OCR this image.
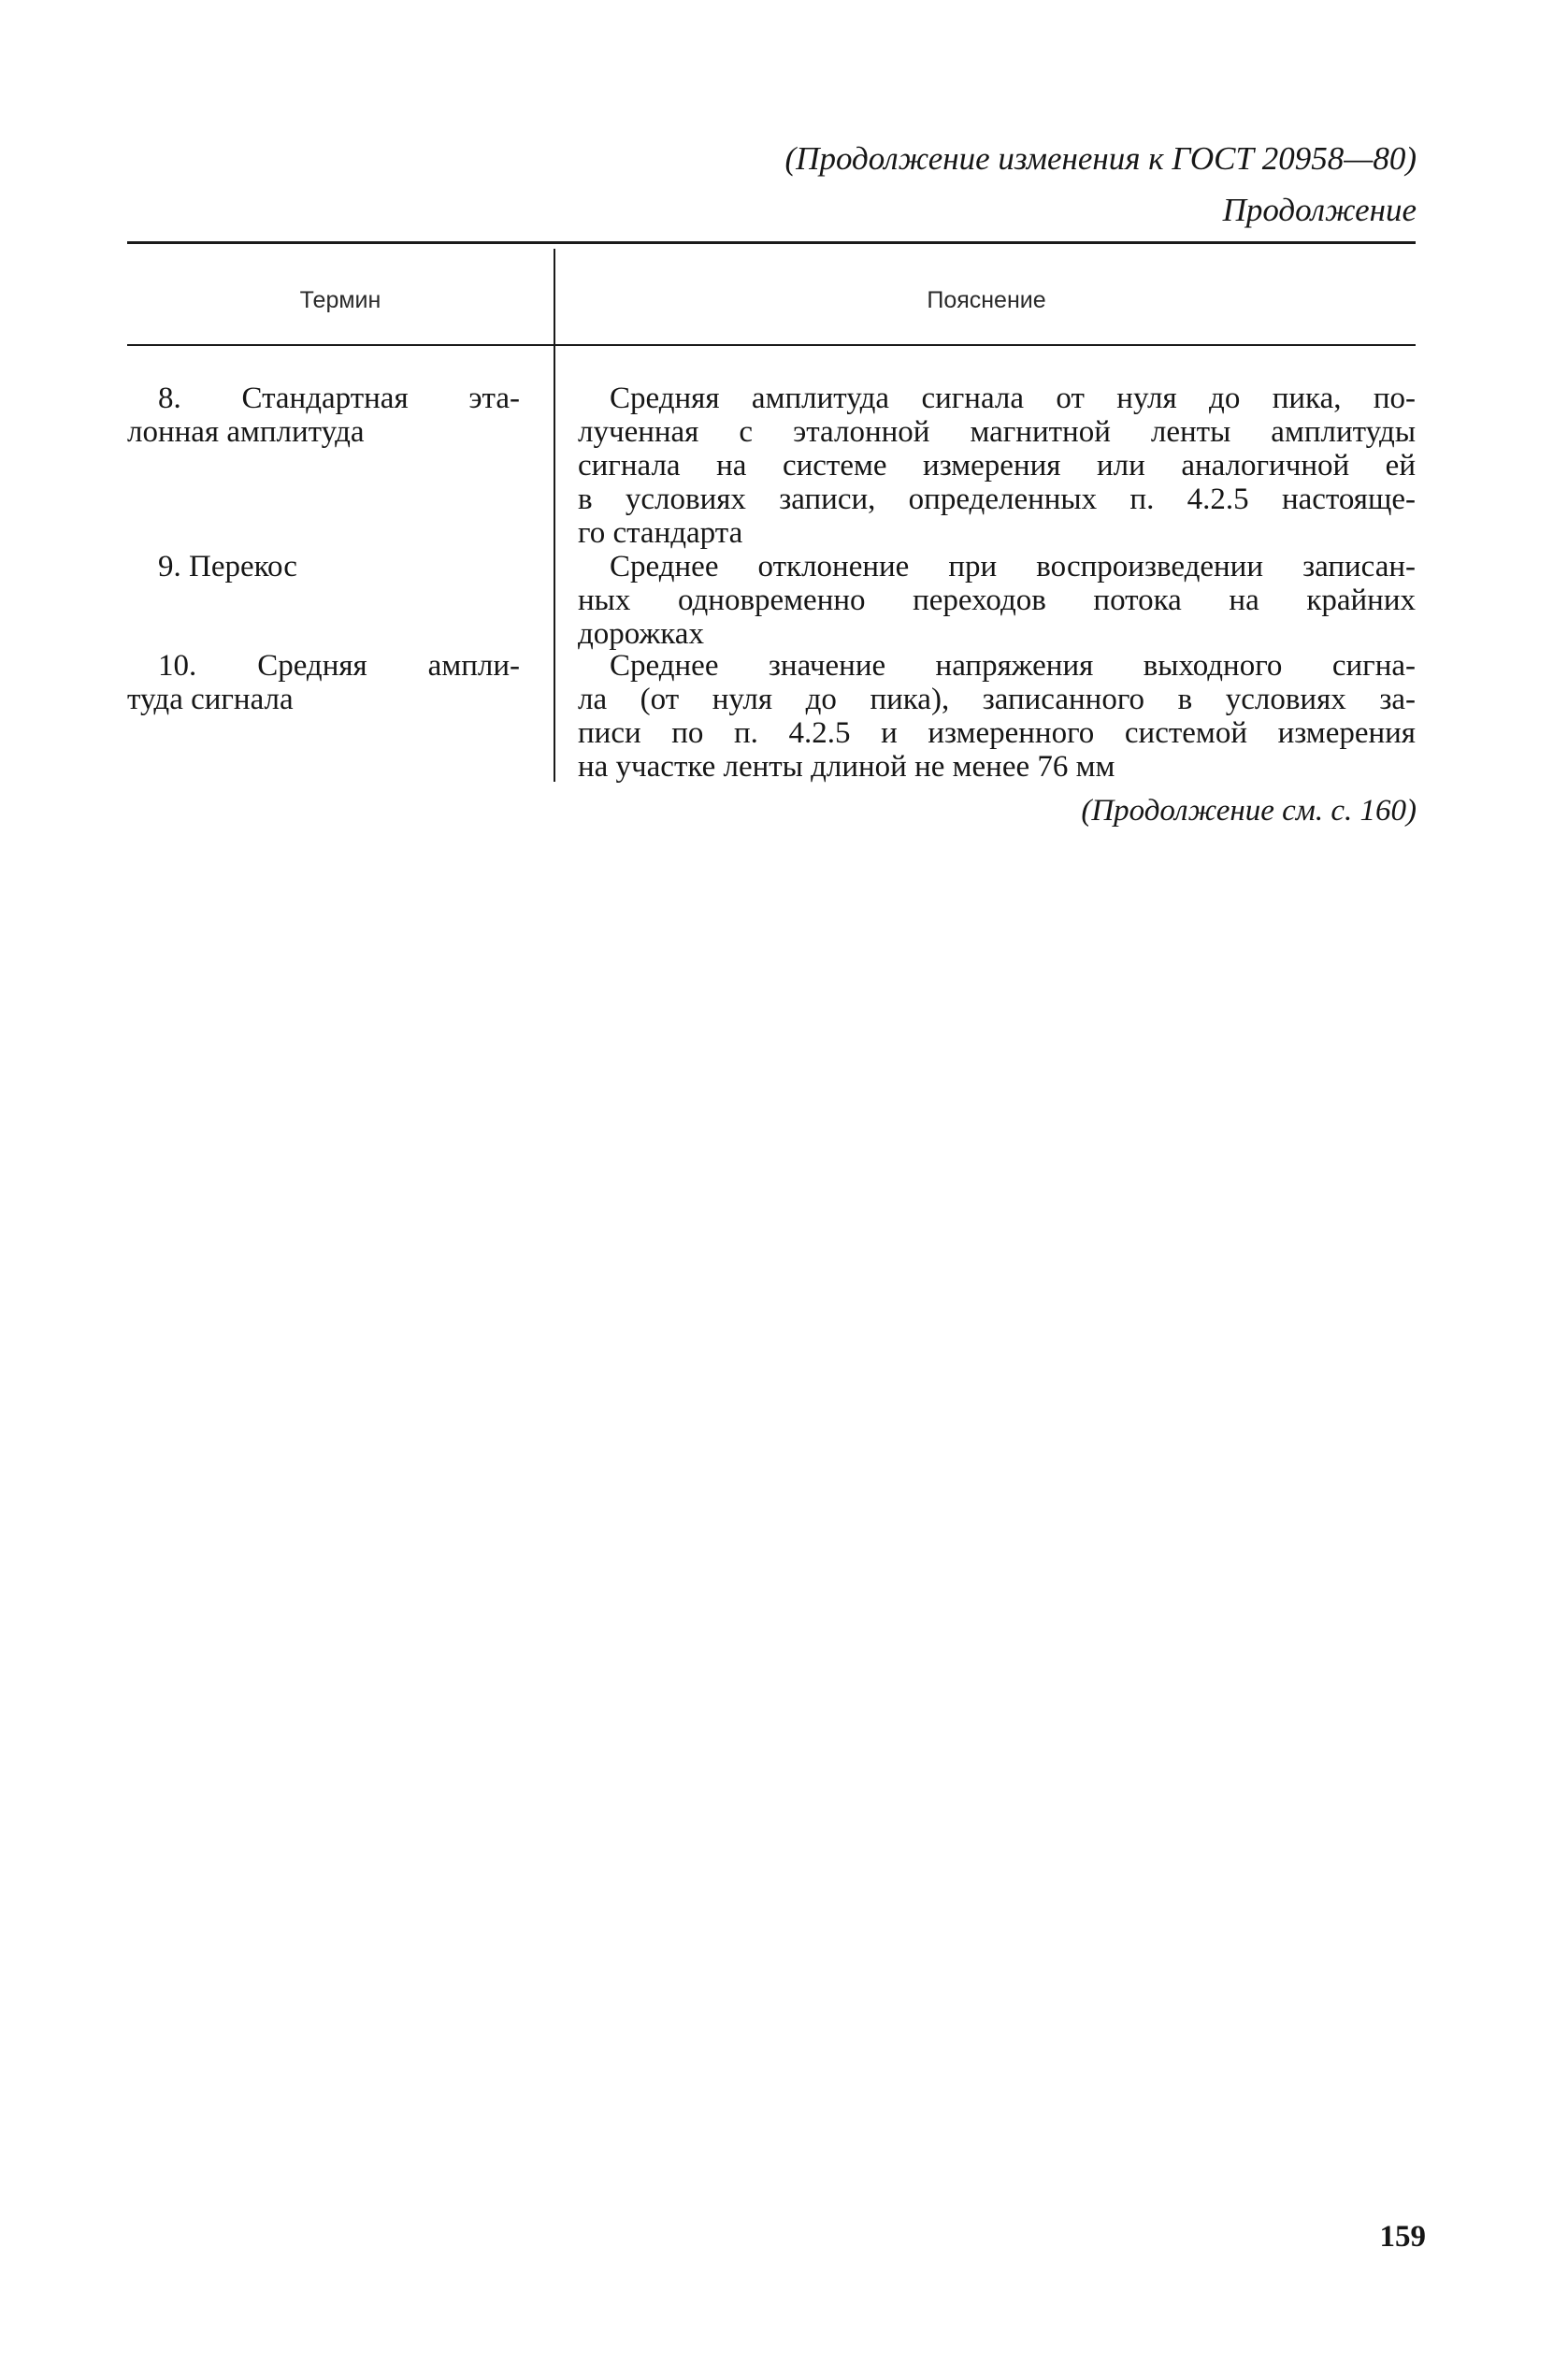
(Продолжение изменения к ГОСТ 20958—80)
Продолжение
Термин	Пояснение
8. Стандартная эта-
лонная амплитуда
Средняя амплитуда сигнала от нуля до пика, по-
лученная с эталонной магнитной ленты амплитуды
сигнала на системе измерения или аналогичной ей
в условиях записи, определенных п. 4.2.5 настояще-
го стандарта
9. Перекос	Среднее отклонение при воспроизведении записан-
ных одновременно переходов потока на крайних
дорожках
10. Средняя ампли-
туда сигнала
Среднее значение напряжения выходного сигна-
ла (от нуля до пика), записанного в условиях за-
писи по п. 4.2.5 и измеренного системой измерения
на участке ленты длиной не менее 76 мм
(Продолжение см. с. 160)
159
